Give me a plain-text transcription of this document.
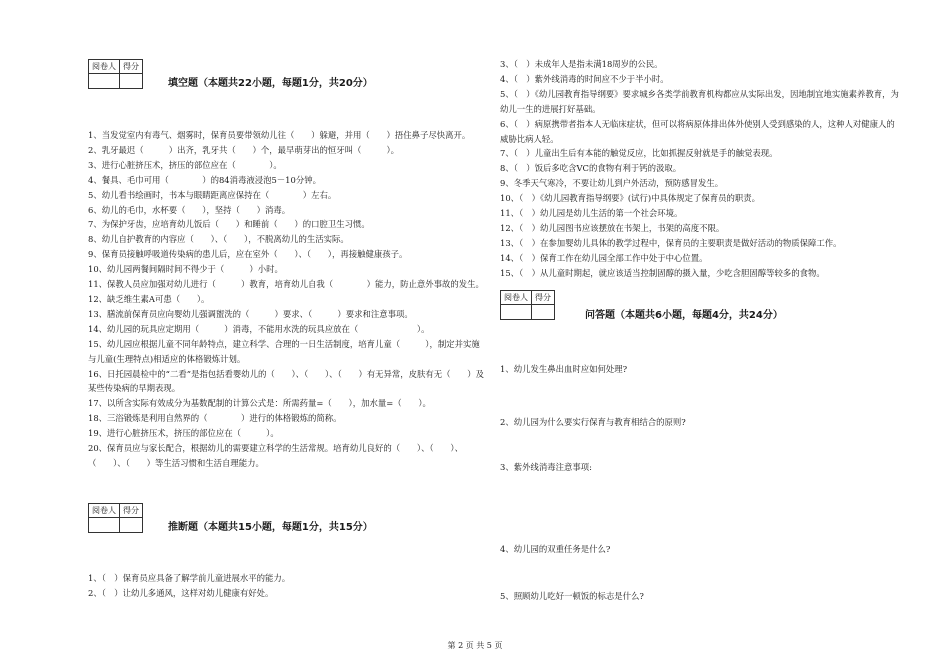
阅卷人	得分

填空题（本题共22小题，每题1分，共20分）
1、当发觉室内有毒气、烟雾时，保育员要带领幼儿往（　　）躲避，并用（　　）捂住鼻子尽快离开。
2、乳牙最迟（　　　）出齐，乳牙共（　　）个，最早萌芽出的恒牙叫（　　　）。
3、进行心脏挤压术，挤压的部位应在（　　　　）。
4、餐具、毛巾可用（　　　　）的84消毒液浸泡5－10分钟。
5、幼儿看书绘画时，书本与眼睛距离应保持在（　　　　）左右。
6、幼儿的毛巾，水杯要（　　），坚持（　　）消毒。
7、为保护牙齿，应培育幼儿饭后（　　）和睡前（　　）的口腔卫生习惯。
8、幼儿自护教育的内容应（　　）、（　　），不脱离幼儿的生活实际。
9、保育员接触呼吸道传染病的患儿后，应在室外（　　）、（　　），再接触健康孩子。
10、幼儿园两餐间隔时间不得少于（　　　）小时。
11、保教人员应加强对幼儿进行（　　　）教育，培育幼儿自我（　　　　）能力，防止意外事故的发生。
12、缺乏维生素A可患（　　）。
13、膳流前保育员应向婴幼儿强调盥洗的（　　　）要求、（　　　）要求和注意事项。
14、幼儿园的玩具应定期用（　　　）消毒，不能用水洗的玩具应放在（　　　　　　　）。
15、幼儿园应根据儿童不同年龄特点，建立科学、合理的一日生活制度，培育儿童（　　　），制定并实施与儿童(生理特点)相适应的体格锻炼计划。
16、日托园晨检中的“二看”是指包括看婴幼儿的（　　）、（　　）、（　　）有无异常，皮肤有无（　　）及某些传染病的早期表现。
17、以所含实际有效成分为基数配制的计算公式是：所需药量=（　　），加水量=（　　）。
18、三浴锻炼是利用自然界的（　　　　）进行的体格锻炼的简称。
19、进行心脏挤压术，挤压的部位应在（　　　）。
20、保育员应与家长配合，根据幼儿的需要建立科学的生活常规。培育幼儿良好的（　　）、（　　）、（　　）、（　　）等生活习惯和生活自理能力。
阅卷人	得分

推断题（本题共15小题，每题1分，共15分）
1、（　）保育员应具备了解学前儿童进展水平的能力。
2、（　）让幼儿多通风，这样对幼儿健康有好处。
3、（　）未成年人是指未满18周岁的公民。
4、（　）紫外线消毒的时间应不少于半小时。
5、（　）《幼儿园教育指导纲要》要求城乡各类学前教育机构都应从实际出发，因地制宜地实施素养教育，为幼儿一生的进展打好基础。
6、（　）病原携带者指本人无临床症状，但可以将病原体排出体外使别人受到感染的人，这种人对健康人的威胁比病人轻。
7、（　）儿童出生后有本能的触觉反应，比如抓握反射就是手的触觉表现。
8、（　）饭后多吃含VC的食物有利于钙的汲取。
9、冬季天气寒冷，不要让幼儿到户外活动，预防感冒发生。
10、（　）《幼儿园教育指导纲要》(试行)中具体规定了保育员的职责。
11、（　）幼儿园是幼儿生活的第一个社会环境。
12、（　）幼儿园图书应该摆放在书架上，书架的高度不限。
13、（　）在参加婴幼儿具体的教学过程中，保育员的主要职责是做好活动的物质保障工作。
14、（　）保育工作在幼儿园全部工作中处于中心位置。
15、（　）从儿童时期起，就应该适当控制固醇的摄入量，少吃含胆固醇等较多的食物。
阅卷人	得分

问答题（本题共6小题，每题4分，共24分）
1、幼儿发生鼻出血时应如何处理?
2、幼儿园为什么要实行保育与教育相结合的原则?
3、紫外线消毒注意事项:
4、幼儿园的双重任务是什么?
5、照顾幼儿吃好一顿饭的标志是什么?
第 2 页 共 5 页
